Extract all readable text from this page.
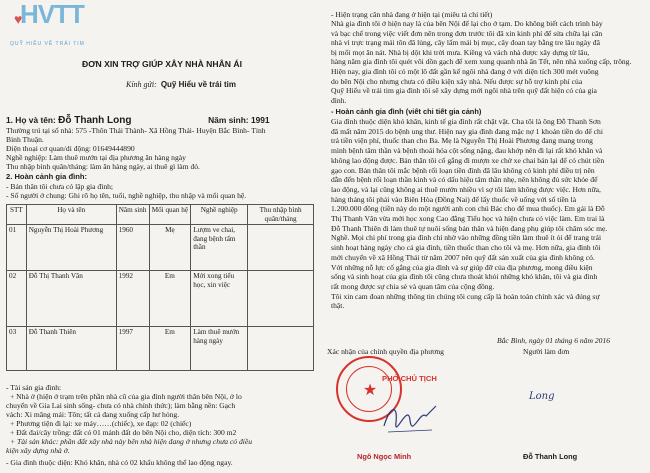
♥
HVTT
QUỸ HIỀU VỀ TRÁI TIM
ĐƠN XIN TRỢ GIÚP XÂY NHÀ NHÂN ÁI
Kính gửi: Quỹ Hiểu về trái tim
1. Họ và tên: Đỗ Thanh Long	Năm sinh: 1991
Thường trú tại số nhà: 575 -Thôn Thái Thành- Xã Hồng Thái- Huyện Bắc Bình- Tỉnh
Bình Thuận.
Điện thoại cơ quan/di động: 01649444890
Nghề nghiệp: Làm thuê mướn tại địa phương ăn hàng ngày
Thu nhập bình quân/tháng: làm ăn hàng ngày, ai thuê gì làm đó.
2. Hoàn cảnh gia đình:
- Bản thân tôi chưa có lập gia đình;
- Số người ở chung: Ghi rõ họ tên, tuổi, nghề nghiệp, thu nhập và mối quan hệ.
STT	Họ và tên	Năm sinh	Mối quan hệ	Nghề nghiệp	Thu nhập bình quân/tháng
01	Nguyễn Thị Hoài Phương	1960	Mẹ	Lượm ve chai, đang bệnh tấm thần	
02	Đỗ Thị Thanh Vân	1992	Em	Mới xong tiểu học, xin việc	
03	Đỗ Thanh Thiên	1997	Em	Làm thuê mướn hàng ngày	
- Tài sản gia đình:
+ Nhà ở (hiện ở trạm trên phần nhà cũ của gia đình người thân bên Nội, ở lo
chuyển về Gia Lai sinh sống- chưa có nhà chính thức); làm bằng nền: Gạch
vách: Xi măng mái: Tôn; tất cả đang xuống cấp hư hỏng.
+ Phương tiện đi lại: xe máy……(chiếc), xe đạp: 02 (chiếc)
+ Đất đai/cây trồng: đất có 01 mảnh đất do bên Nội cho, diện tích: 300 m2
+ Tài sản khác: phần đất xây nhà này bên nhà hiện đang ở nhưng chưa có điều
kiện xây dựng nhà ở.
- Gia đình thuộc diện: Khó khăn, nhà có 02 khẩu không thể lao động ngay.
- Hiện trạng căn nhà đang ở hiện tại (miêu tả chi tiết)
Nhà gia đình tôi ở hiện nay là của bên Nội để lại cho ở tạm. Do không biết cách trình bày
và bạc chế trong việc viết đơn nên trong đơn trước tôi đã xin kinh phí để sửa chữa lại căn
nhà vì trực trạng mái tôn đã lủng, cây lấm mái bị mục, cây đoan tay bằng tre lâu ngày đã
bị mối mọt ăn nát. Nhà bị dột khi trời mưa. Kiềng và vách nhà được xây dựng từ lâu,
hàng năm gia đình tôi quét vôi dồn gạch để xem xung quanh nhà ăn Tết, nên nhà xuống cấp, trông.
Hiện nay, gia đình tôi có một lô đất gần kế ngôi nhà đang ở với diện tích 300 mét vuông
do bên Nội cho nhưng chưa có điều kiện xây nhà. Nếu được sự hỗ trợ kinh phí của
Quỹ Hiểu về trái tim gia đình tôi sẽ xây dựng mới ngôi nhà trên quỹ đất hiện có của gia
đình.
- Hoàn cảnh gia đình (viết chi tiết gia cảnh)
Gia đình thuộc diện khó khăn, kinh tế gia đình rất chật vật. Cha tôi là ông Đỗ Thanh Sơn
đã mất năm 2015 do bệnh ung thư. Hiện nay gia đình đang mặc nợ 1 khoản tiền do để chi
trả tiền viện phí, thuốc than cho Ba. Mẹ là Nguyễn Thị Hoài Phương đang mang trong
mình bệnh tâm thần và bệnh thoái hóa cột sống nặng, đau khớp nên đi lại rất khó khăn và
không lao động được. Bản thân tôi cố gắng đi mượn xe chở xe chai bán lại để có chút tiền
gạo con. Bản thân tôi mắc bệnh rối loạn tiền đình đã lâu không có kinh phí điều trị nên
dẫn đến bệnh rối loạn thần kinh và có dấu hiệu tâm thần nhẹ, nên không đủ sức khỏe để
lao động, và lại cũng không ai thuê mướn nhiều vì sợ tôi làm không được việc. Hơn nữa,
hàng tháng tôi phải vào Biên Hòa (Đồng Nai) để lấy thuốc về uống với số tiền là
1.200.000 đồng (tiền này do một người anh con chú Bác cho để mua thuốc). Em gái là Đỗ
Thị Thanh Vân vừa mới học xong Cao đẳng Tiểu học và hiện chưa có việc làm. Em trai là
Đỗ Thanh Thiên đi làm thuê tự nuôi sống bản thân và hiện đang phụ giúp tôi chăm sóc mẹ.
Nghề. Mọi chi phí trong gia đình chỉ nhờ vào những đồng tiền làm thuê ít ỏi để trang trải
sinh hoạt hàng ngày cho cả gia đình, tiền thuốc than cho tôi và mẹ. Hơn nữa, gia đình tôi
mới chuyển về xã Hồng Thái từ năm 2007 nên quỹ đất sản xuất của gia đình không có.
Với những nỗ lực cố gắng của gia đình và sự giúp đỡ của địa phương, mong điều kiện
sống và sinh hoạt của gia đình tôi cũng chưa thoát khỏi những khó khăn, tôi và gia đình
rất mong được sự chia sẻ và quan tâm của cộng đồng.
Tôi xin cam đoan những thông tin chúng tôi cung cấp là hoàn toàn chính xác và đúng sự
thật.
Bắc Bình, ngày 01 tháng 6 năm 2016
Xác nhận của chính quyền địa phương	Người làm đơn
Ngô Ngọc Minh	Đỗ Thanh Long
Long
★
PHÓ CHỦ TỊCH
